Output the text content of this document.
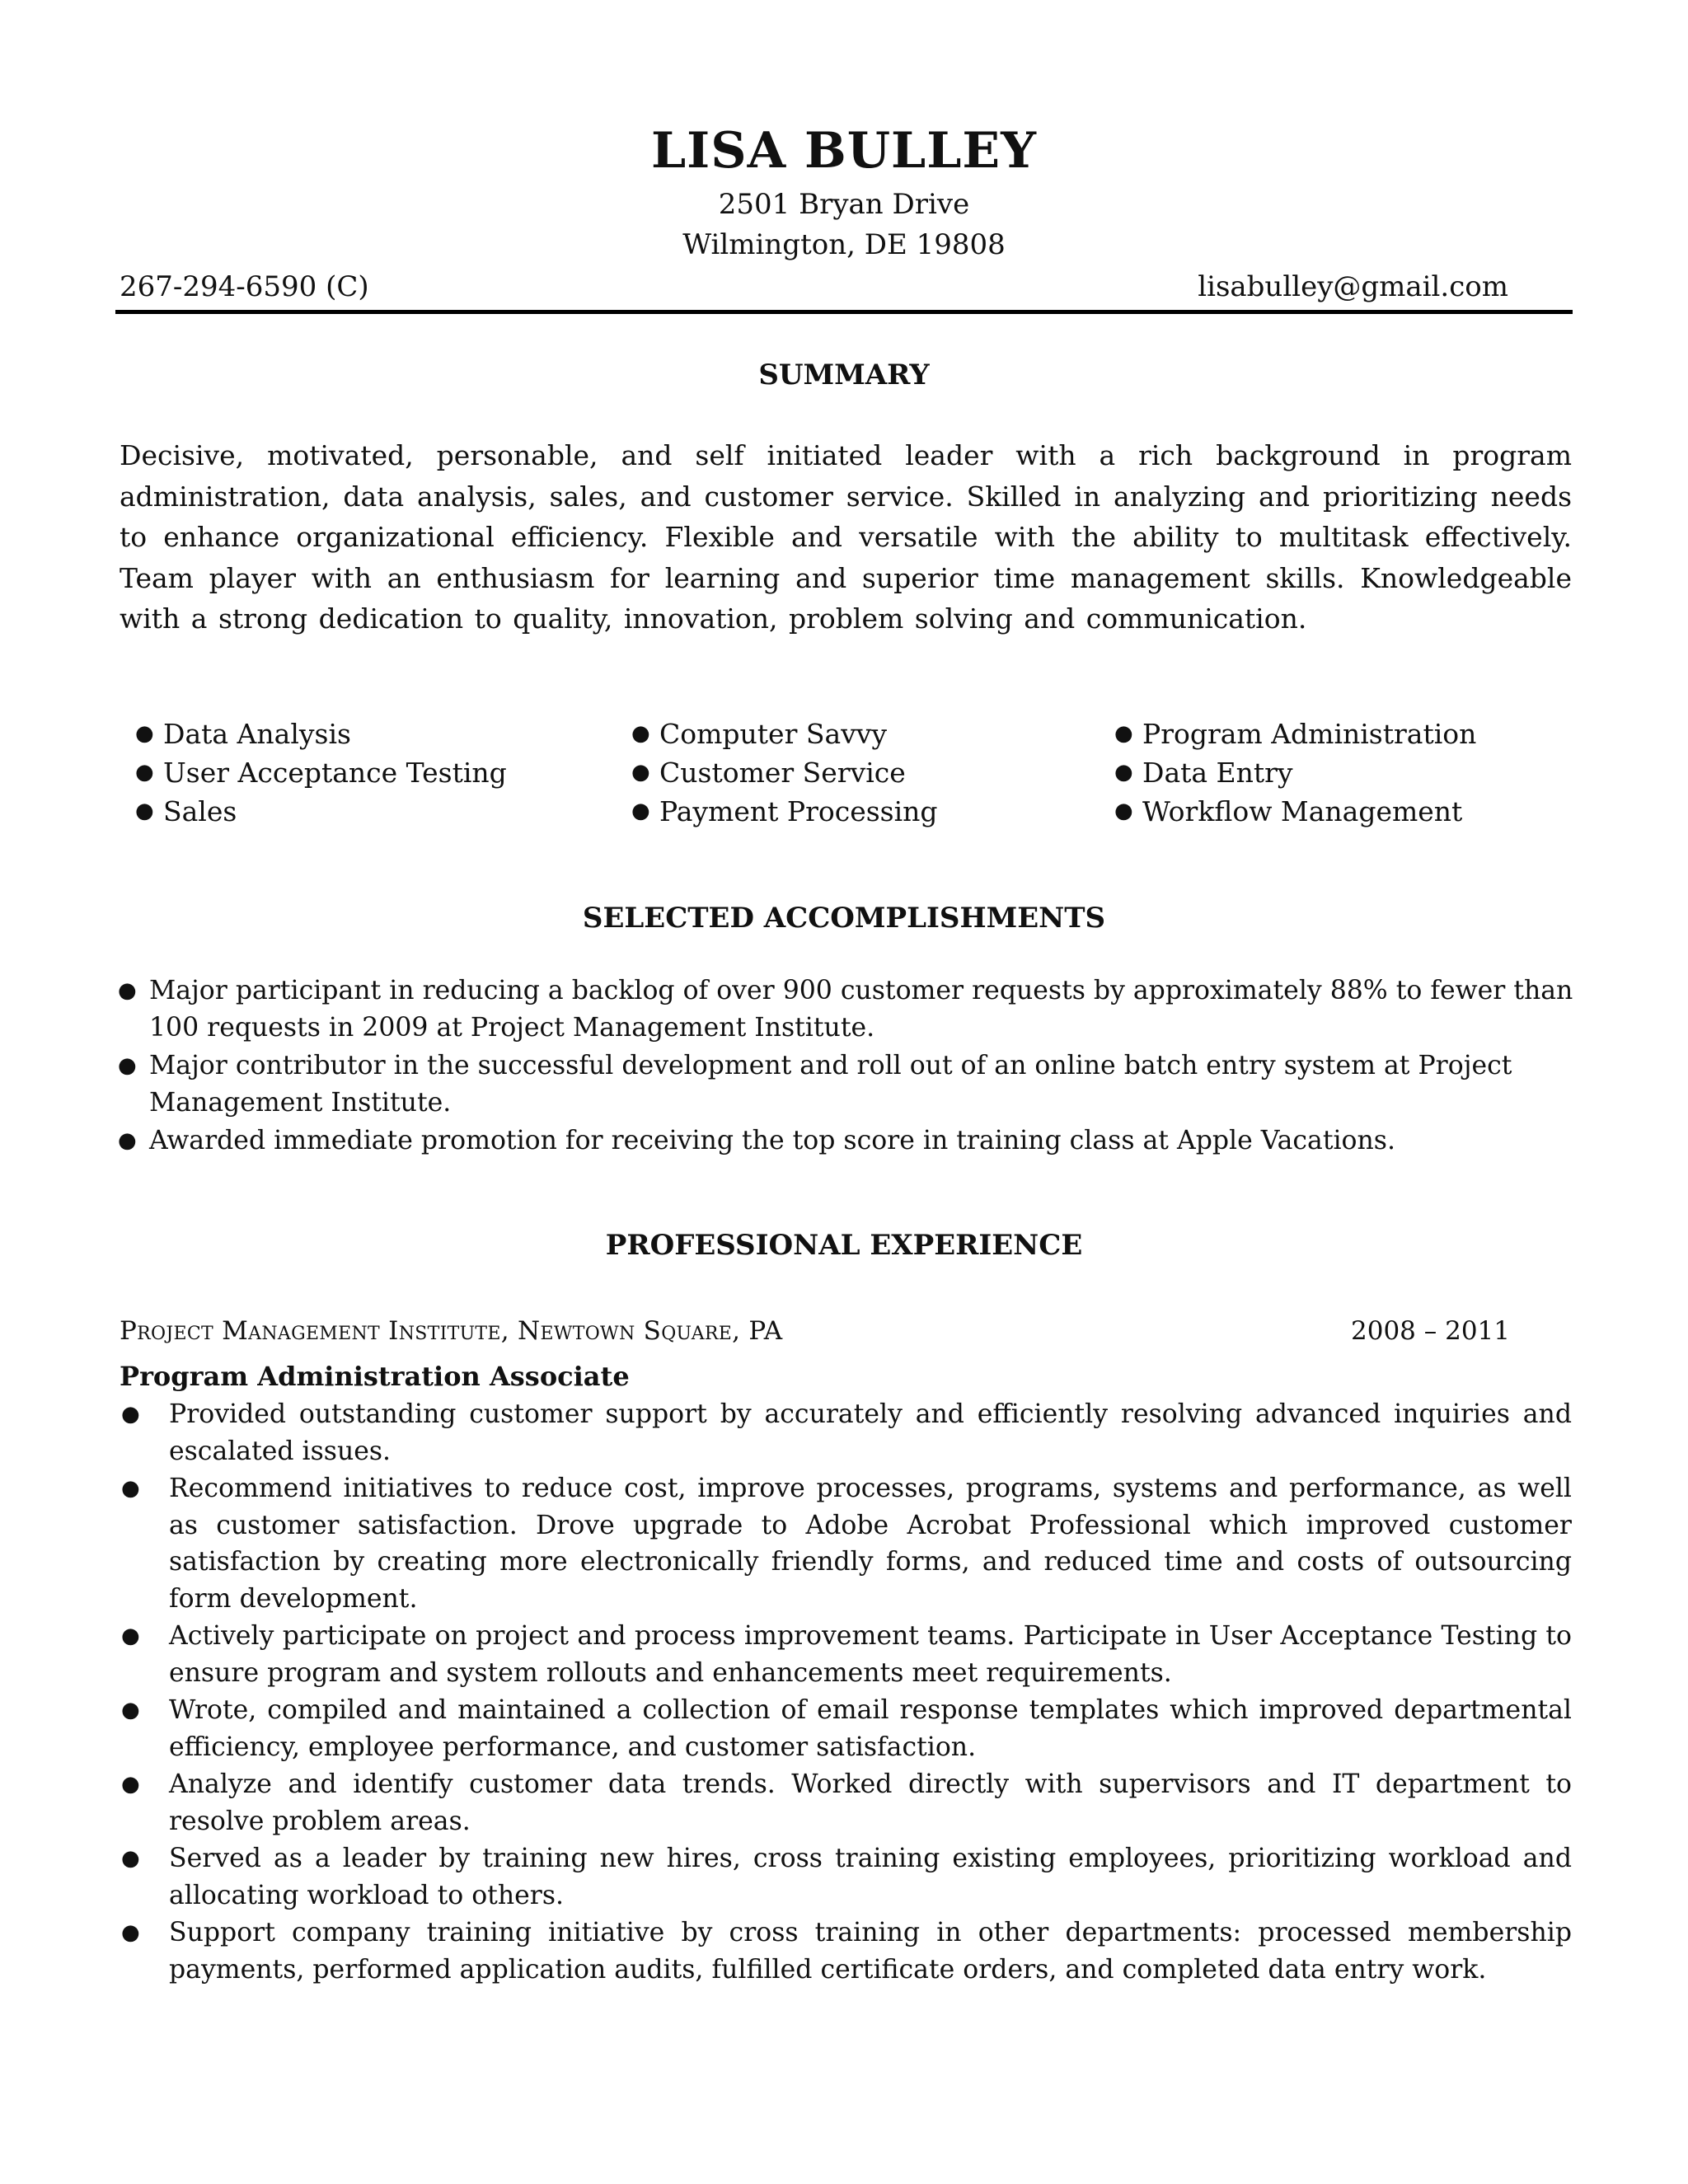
LISA BULLEY
2501 Bryan Drive
Wilmington, DE 19808
267-294-6590 (C)	lisabulley@gmail.com
SUMMARY
Decisive, motivated, personable, and self initiated leader with a rich background in program administration, data analysis, sales, and customer service. Skilled in analyzing and prioritizing needs to enhance organizational efficiency. Flexible and versatile with the ability to multitask effectively. Team player with an enthusiasm for learning and superior time management skills. Knowledgeable with a strong dedication to quality, innovation, problem solving and communication.
● Data Analysis
● User Acceptance Testing
● Sales
● Computer Savvy
● Customer Service
● Payment Processing
● Program Administration
● Data Entry
● Workflow Management
SELECTED ACCOMPLISHMENTS
● Major participant in reducing a backlog of over 900 customer requests by approximately 88% to fewer than 100 requests in 2009 at Project Management Institute.
● Major contributor in the successful development and roll out of an online batch entry system at Project Management Institute.
● Awarded immediate promotion for receiving the top score in training class at Apple Vacations.
PROFESSIONAL EXPERIENCE
Project Management Institute, Newtown Square, PA	2008 – 2011
Program Administration Associate
● Provided outstanding customer support by accurately and efficiently resolving advanced inquiries and escalated issues.
● Recommend initiatives to reduce cost, improve processes, programs, systems and performance, as well as customer satisfaction. Drove upgrade to Adobe Acrobat Professional which improved customer satisfaction by creating more electronically friendly forms, and reduced time and costs of outsourcing form development.
● Actively participate on project and process improvement teams. Participate in User Acceptance Testing to ensure program and system rollouts and enhancements meet requirements.
● Wrote, compiled and maintained a collection of email response templates which improved departmental efficiency, employee performance, and customer satisfaction.
● Analyze and identify customer data trends. Worked directly with supervisors and IT department to resolve problem areas.
● Served as a leader by training new hires, cross training existing employees, prioritizing workload and allocating workload to others.
● Support company training initiative by cross training in other departments: processed membership payments, performed application audits, fulfilled certificate orders, and completed data entry work.
